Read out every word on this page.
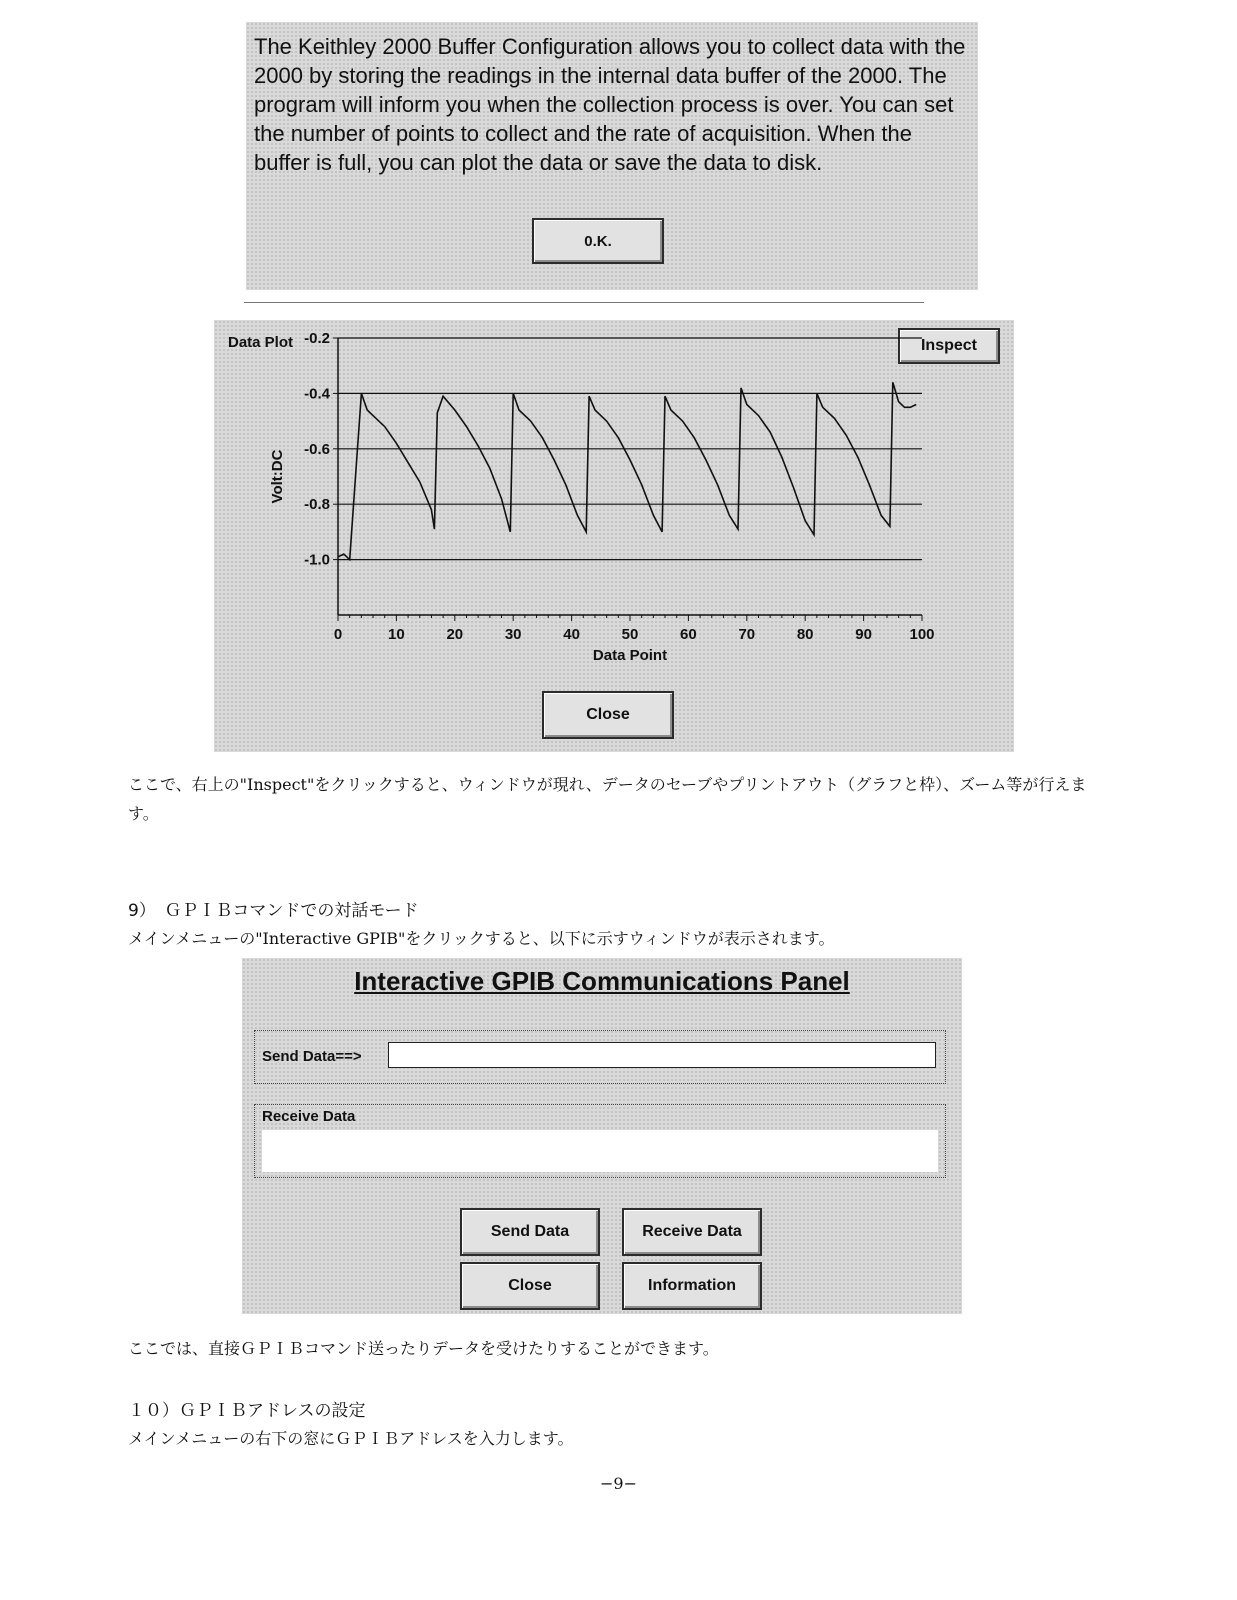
The Keithley 2000 Buffer Configuration allows you to collect data with the 2000 by storing the readings in the internal data buffer of the 2000. The program will inform you when the collection process is over. You can set the number of points to collect and the rate of acquisition. When the buffer is full, you can plot the data or save the data to disk.
0.K.
Data Plot	Inspect
Close
-0.2
-0.4
-0.6
-0.8
-1.0
0	10	20	30	40	50	60	70	80	90	100
Data Point
Volt:DC
ここで、右上の"Inspect"をクリックすると、ウィンドウが現れ、データのセーブやプリントアウト（グラフと枠）、ズーム等が行えます。
9）　ＧＰＩＢコマンドでの対話モード
メインメニューの"Interactive GPIB"をクリックすると、以下に示すウィンドウが表示されます。
Interactive GPIB Communications Panel
Send Data==>
Receive Data
Send Data	Receive Data
Close	Information
ここでは、直接ＧＰＩＢコマンド送ったりデータを受けたりすることができます。
１０）ＧＰＩＢアドレスの設定
メインメニューの右下の窓にＧＰＩＢアドレスを入力します。
−9−
